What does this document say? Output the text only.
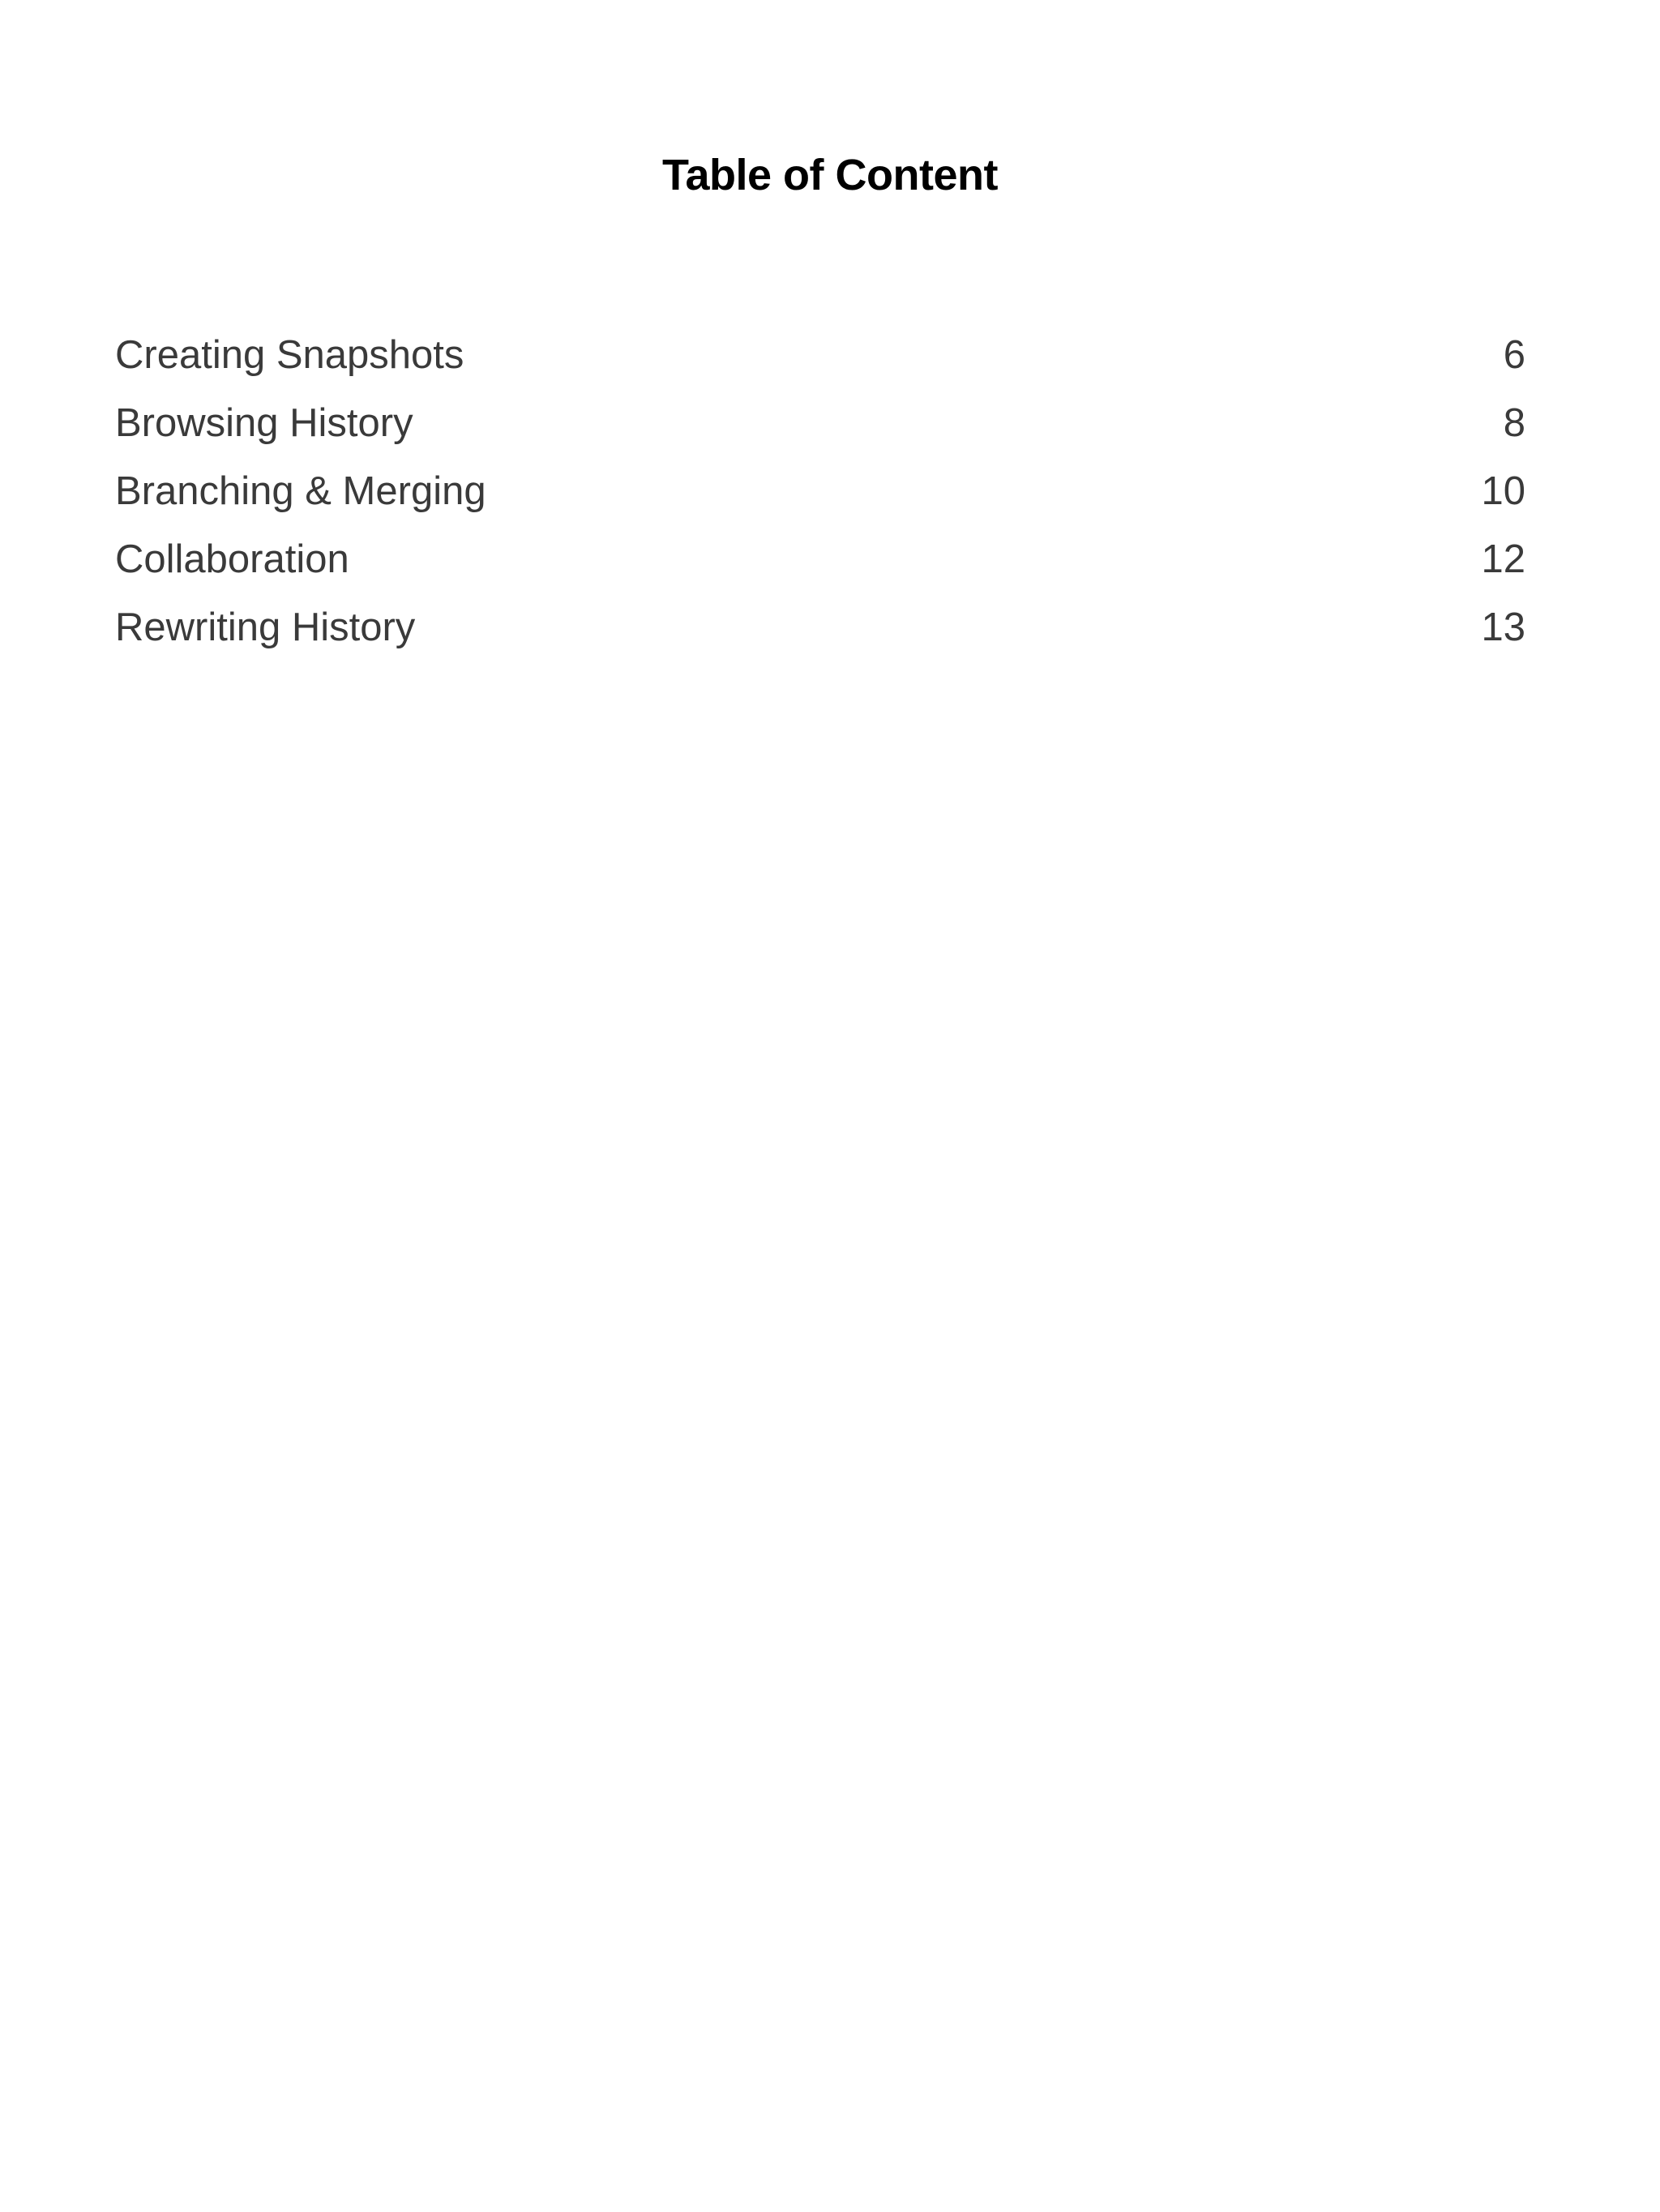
Table of Content
Creating Snapshots	6
Browsing History	8
Branching & Merging	10
Collaboration	12
Rewriting History	13
